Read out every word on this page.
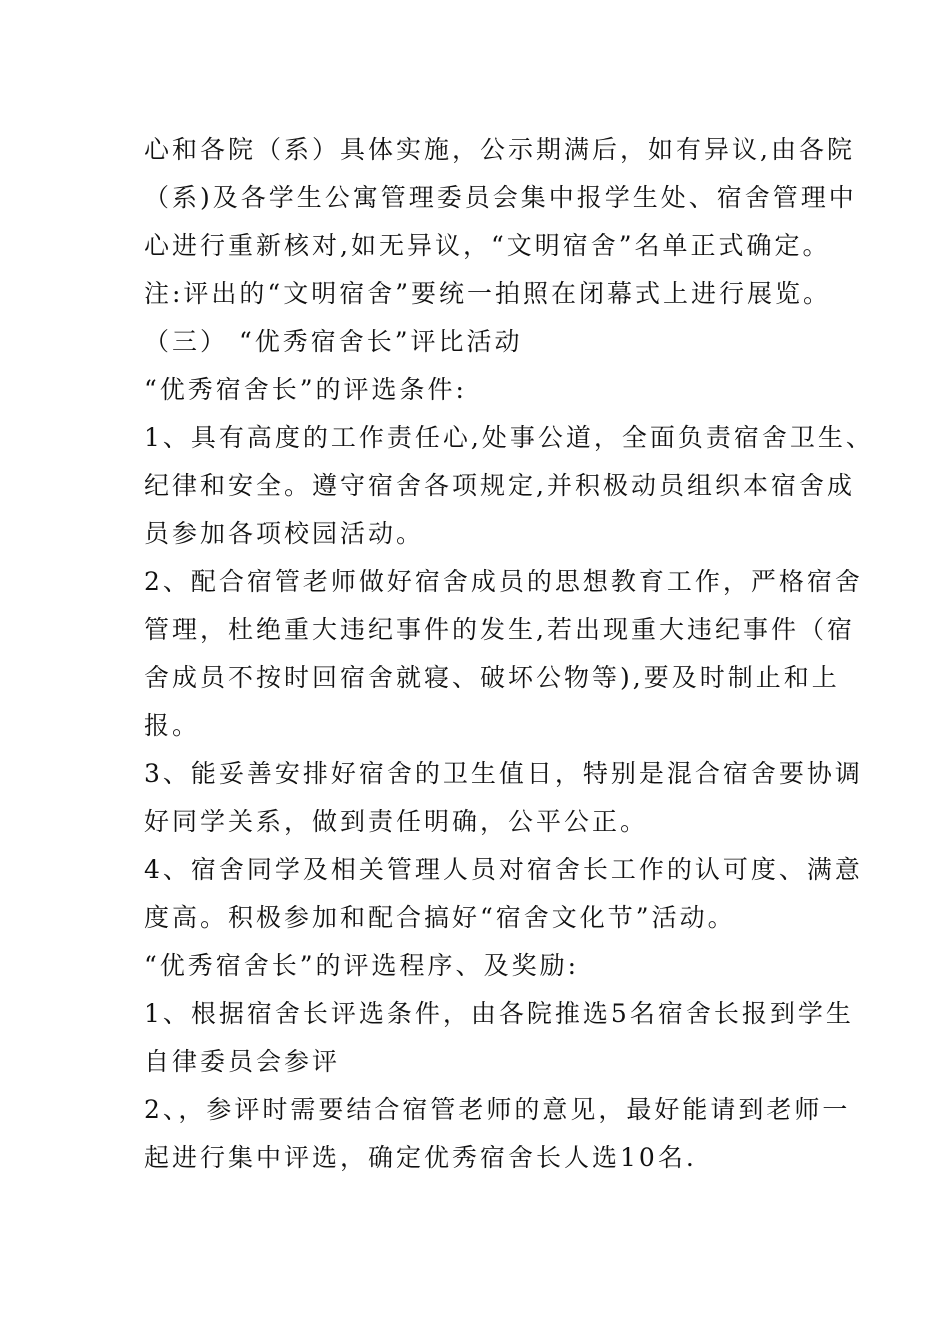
心和各院（系）具体实施，公示期满后，如有异议,由各院
（系)及各学生公寓管理委员会集中报学生处、宿舍管理中
心进行重新核对,如无异议，“文明宿舍”名单正式确定。
注:评出的“文明宿舍”要统一拍照在闭幕式上进行展览。
（三） “优秀宿舍长”评比活动
“优秀宿舍长”的评选条件:
1、具有高度的工作责任心,处事公道，全面负责宿舍卫生、
纪律和安全。遵守宿舍各项规定,并积极动员组织本宿舍成
员参加各项校园活动。
2、配合宿管老师做好宿舍成员的思想教育工作，严格宿舍
管理，杜绝重大违纪事件的发生,若出现重大违纪事件（宿
舍成员不按时回宿舍就寝、破坏公物等),要及时制止和上
报。
3、能妥善安排好宿舍的卫生值日，特别是混合宿舍要协调
好同学关系，做到责任明确，公平公正。
4、宿舍同学及相关管理人员对宿舍长工作的认可度、满意
度高。积极参加和配合搞好“宿舍文化节”活动。
“优秀宿舍长”的评选程序、及奖励:
1、根据宿舍长评选条件，由各院推选5名宿舍长报到学生
自律委员会参评
2、，参评时需要结合宿管老师的意见，最好能请到老师一
起进行集中评选，确定优秀宿舍长人选10名.
